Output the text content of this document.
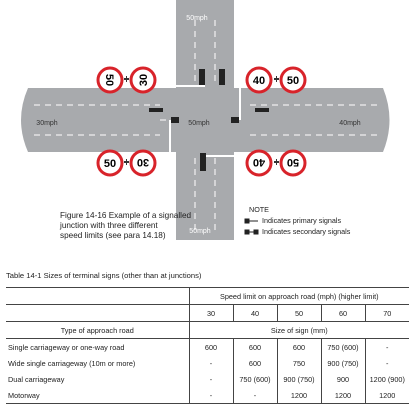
50mph
30mph	50mph	40mph
50mph
50 30	40 50
50 30	40 50
Figure 14-16 Example of a signalled
junction with three different
speed limits (see para 14.18)
NOTE
Indicates primary signals
Indicates secondary signals
Table 14-1 Sizes of terminal signs (other than at junctions)
	Speed limit on approach road (mph) (higher limit)				
	30	40	50	60	70
Type of approach road	Size of sign (mm)				
Single carriageway or one-way road	600	600	600	750 (600)	-
Wide single carriageway (10m or more)	-	600	750	900 (750)	-
Dual carriageway	-	750 (600)	900 (750)	900	1200 (900)
Motorway	-	-	1200	1200	1200
